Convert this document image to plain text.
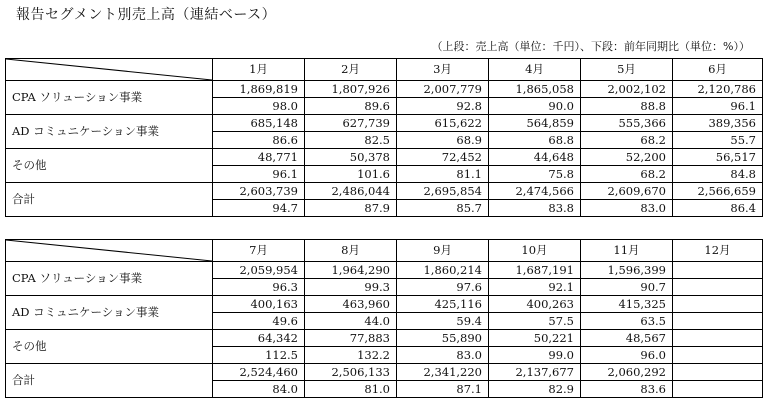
報告セグメント別売上高（連結ベース）
（上段：売上高（単位：千円）、下段：前年同期比（単位：%））
	1月	2月	3月	4月	5月	6月
CPA ソリューション事業	1,869,819	1,807,926	2,007,779	1,865,058	2,002,102	2,120,786
	98.0	89.6	92.8	90.0	88.8	96.1
AD コミュニケーション事業	685,148	627,739	615,622	564,859	555,366	389,356
	86.6	82.5	68.9	68.8	68.2	55.7
その他	48,771	50,378	72,452	44,648	52,200	56,517
	96.1	101.6	81.1	75.8	68.2	84.8
合計	2,603,739	2,486,044	2,695,854	2,474,566	2,609,670	2,566,659
	94.7	87.9	85.7	83.8	83.0	86.4
	7月	8月	9月	10月	11月	12月
CPA ソリューション事業	2,059,954	1,964,290	1,860,214	1,687,191	1,596,399	
	96.3	99.3	97.6	92.1	90.7	
AD コミュニケーション事業	400,163	463,960	425,116	400,263	415,325	
	49.6	44.0	59.4	57.5	63.5	
その他	64,342	77,883	55,890	50,221	48,567	
	112.5	132.2	83.0	99.0	96.0	
合計	2,524,460	2,506,133	2,341,220	2,137,677	2,060,292	
	84.0	81.0	87.1	82.9	83.6	
